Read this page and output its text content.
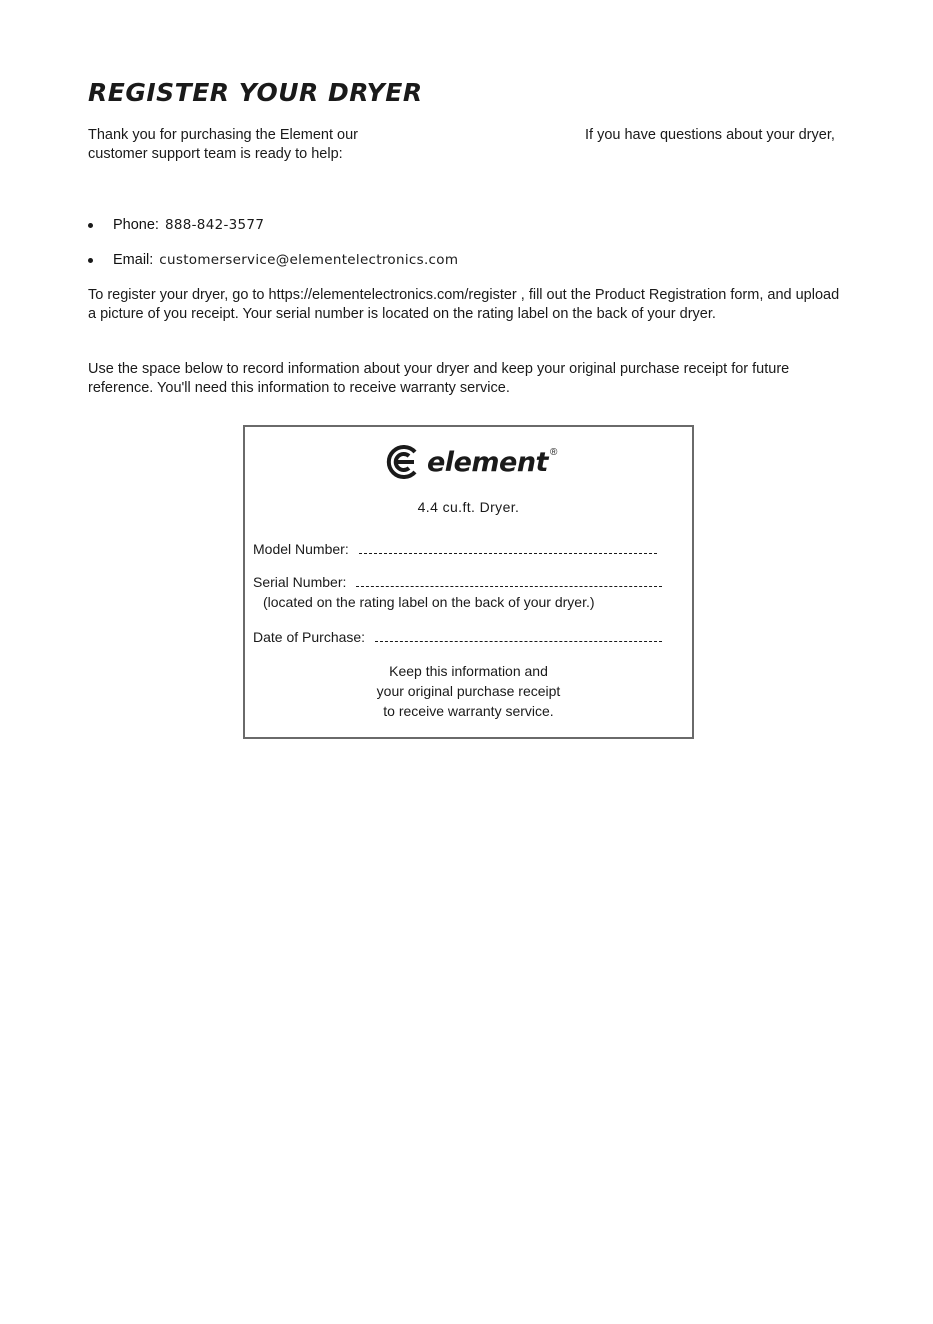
REGISTER YOUR DRYER

Thank you for purchasing the Element our customer support team is ready to help:

If you have questions about your dryer,
Phone: 888-842-3577
Email: customerservice@elementelectronics.com

To register your dryer, go to https://elementelectronics.com/register , fill out the Product Registration form, and upload a picture of you receipt. Your serial number is located on the rating label on the back of your dryer.

Use the space below to record information about your dryer and keep your original purchase receipt for future reference. You'll need this information to receive warranty service.

element ®
4.4 cu.ft. Dryer.
Model Number:
Serial Number:
(located on the rating label on the back of your dryer.)
Date of Purchase:
Keep this information and
your original purchase receipt
to receive warranty service.
